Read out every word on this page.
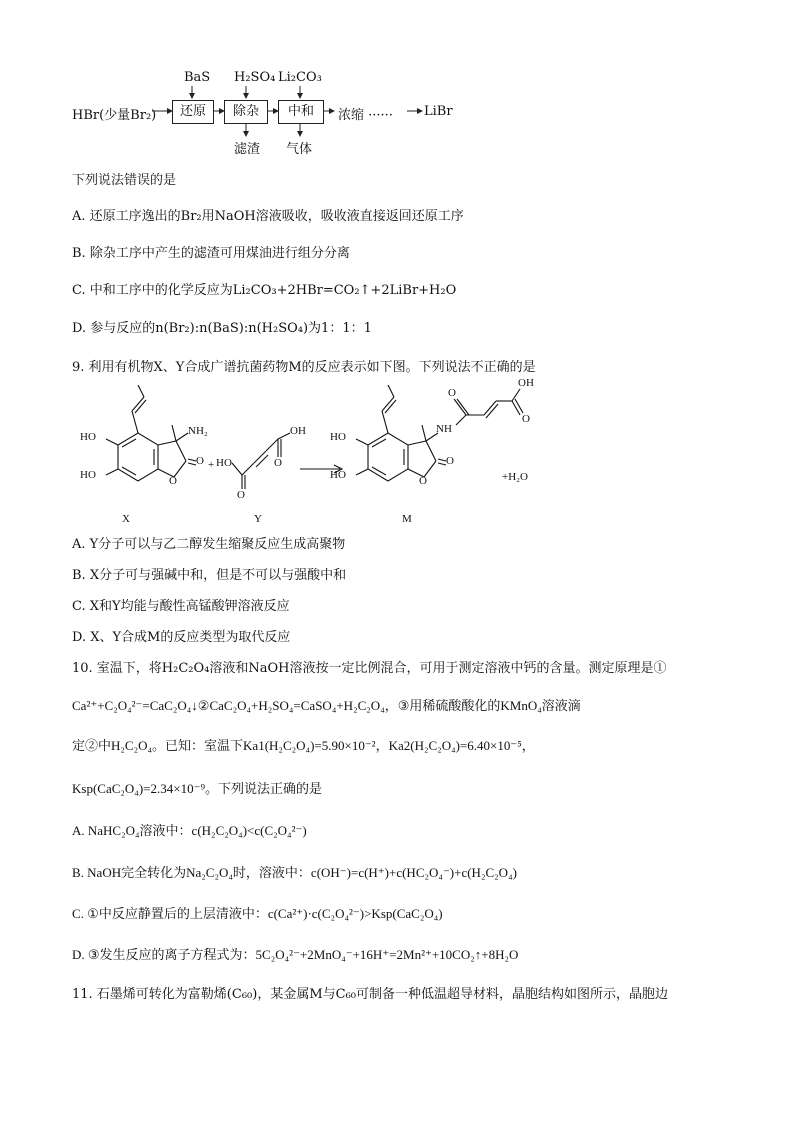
HBr(少量Br₂)
BaS H₂SO₄ Li₂CO₃
还原	除杂	中和
滤渣 气体
浓缩 ······ LiBr
下列说法错误的是
A. 还原工序逸出的Br₂用NaOH溶液吸收，吸收液直接返回还原工序
B. 除杂工序中产生的滤渣可用煤油进行组分分离
C. 中和工序中的化学反应为Li₂CO₃+2HBr=CO₂↑+2LiBr+H₂O
D. 参与反应的n(Br₂):n(BaS):n(H₂SO₄)为1：1：1
9. 利用有机物X、Y合成广谱抗菌药物M的反应表示如下图。下列说法不正确的是
HO
HO
NH₂
O
O
X
+ HO
O
OH
O
Y
HO
HO
NH
O
O
O
OH
O
+H₂O
M
A. Y分子可以与乙二醇发生缩聚反应生成高聚物
B. X分子可与强碱中和，但是不可以与强酸中和
C. X和Y均能与酸性高锰酸钾溶液反应
D. X、Y合成M的反应类型为取代反应
10. 室温下，将H₂C₂O₄溶液和NaOH溶液按一定比例混合，可用于测定溶液中钙的含量。测定原理是①
Ca²⁺+C₂O₄²⁻=CaC₂O₄↓②CaC₂O₄+H₂SO₄=CaSO₄+H₂C₂O₄，③用稀硫酸酸化的KMnO₄溶液滴
定②中H₂C₂O₄。已知：室温下Ka1(H₂C₂O₄)=5.90×10⁻²，Ka2(H₂C₂O₄)=6.40×10⁻⁵，
Ksp(CaC₂O₄)=2.34×10⁻⁹。下列说法正确的是
A. NaHC₂O₄溶液中：c(H₂C₂O₄)<c(C₂O₄²⁻)
B. NaOH完全转化为Na₂C₂O₄时，溶液中：c(OH⁻)=c(H⁺)+c(HC₂O₄⁻)+c(H₂C₂O₄)
C. ①中反应静置后的上层清液中：c(Ca²⁺)·c(C₂O₄²⁻)>Ksp(CaC₂O₄)
D. ③发生反应的离子方程式为：5C₂O₄²⁻+2MnO₄⁻+16H⁺=2Mn²⁺+10CO₂↑+8H₂O
11. 石墨烯可转化为富勒烯(C₆₀)，某金属M与C₆₀可制备一种低温超导材料，晶胞结构如图所示，晶胞边
